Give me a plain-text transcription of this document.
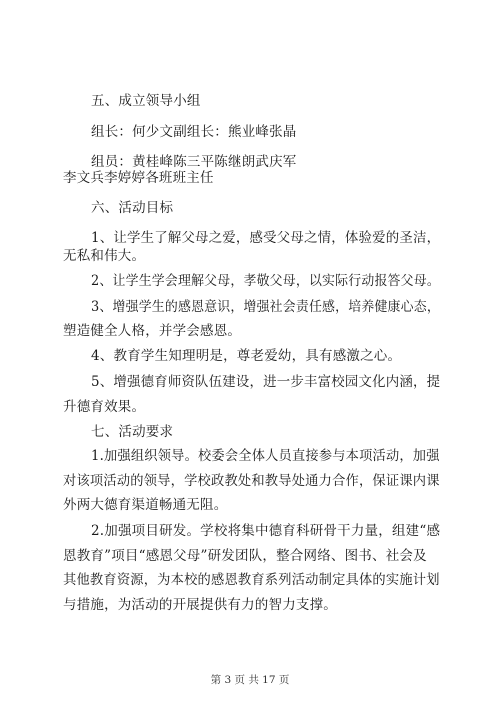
五、成立领导小组
组长：何少文副组长：熊业峰张晶
组员：黄桂峰陈三平陈继朗武庆军
李文兵李婷婷各班班主任
六、活动目标
1、让学生了解父母之爱，感受父母之情，体验爱的圣洁，
无私和伟大。
2、让学生学会理解父母，孝敬父母，以实际行动报答父母。
3、增强学生的感恩意识，增强社会责任感，培养健康心态，
塑造健全人格，并学会感恩。
4、教育学生知理明是，尊老爱幼，具有感激之心。
5、增强德育师资队伍建设，进一步丰富校园文化内涵，提
升德育效果。
七、活动要求
1.加强组织领导。校委会全体人员直接参与本项活动，加强
对该项活动的领导，学校政教处和教导处通力合作，保证课内课
外两大德育渠道畅通无阻。
2.加强项目研发。学校将集中德育科研骨干力量，组建“感
恩教育”项目“感恩父母”研发团队，整合网络、图书、社会及
其他教育资源，为本校的感恩教育系列活动制定具体的实施计划
与措施，为活动的开展提供有力的智力支撑。
第 3 页 共 17 页
